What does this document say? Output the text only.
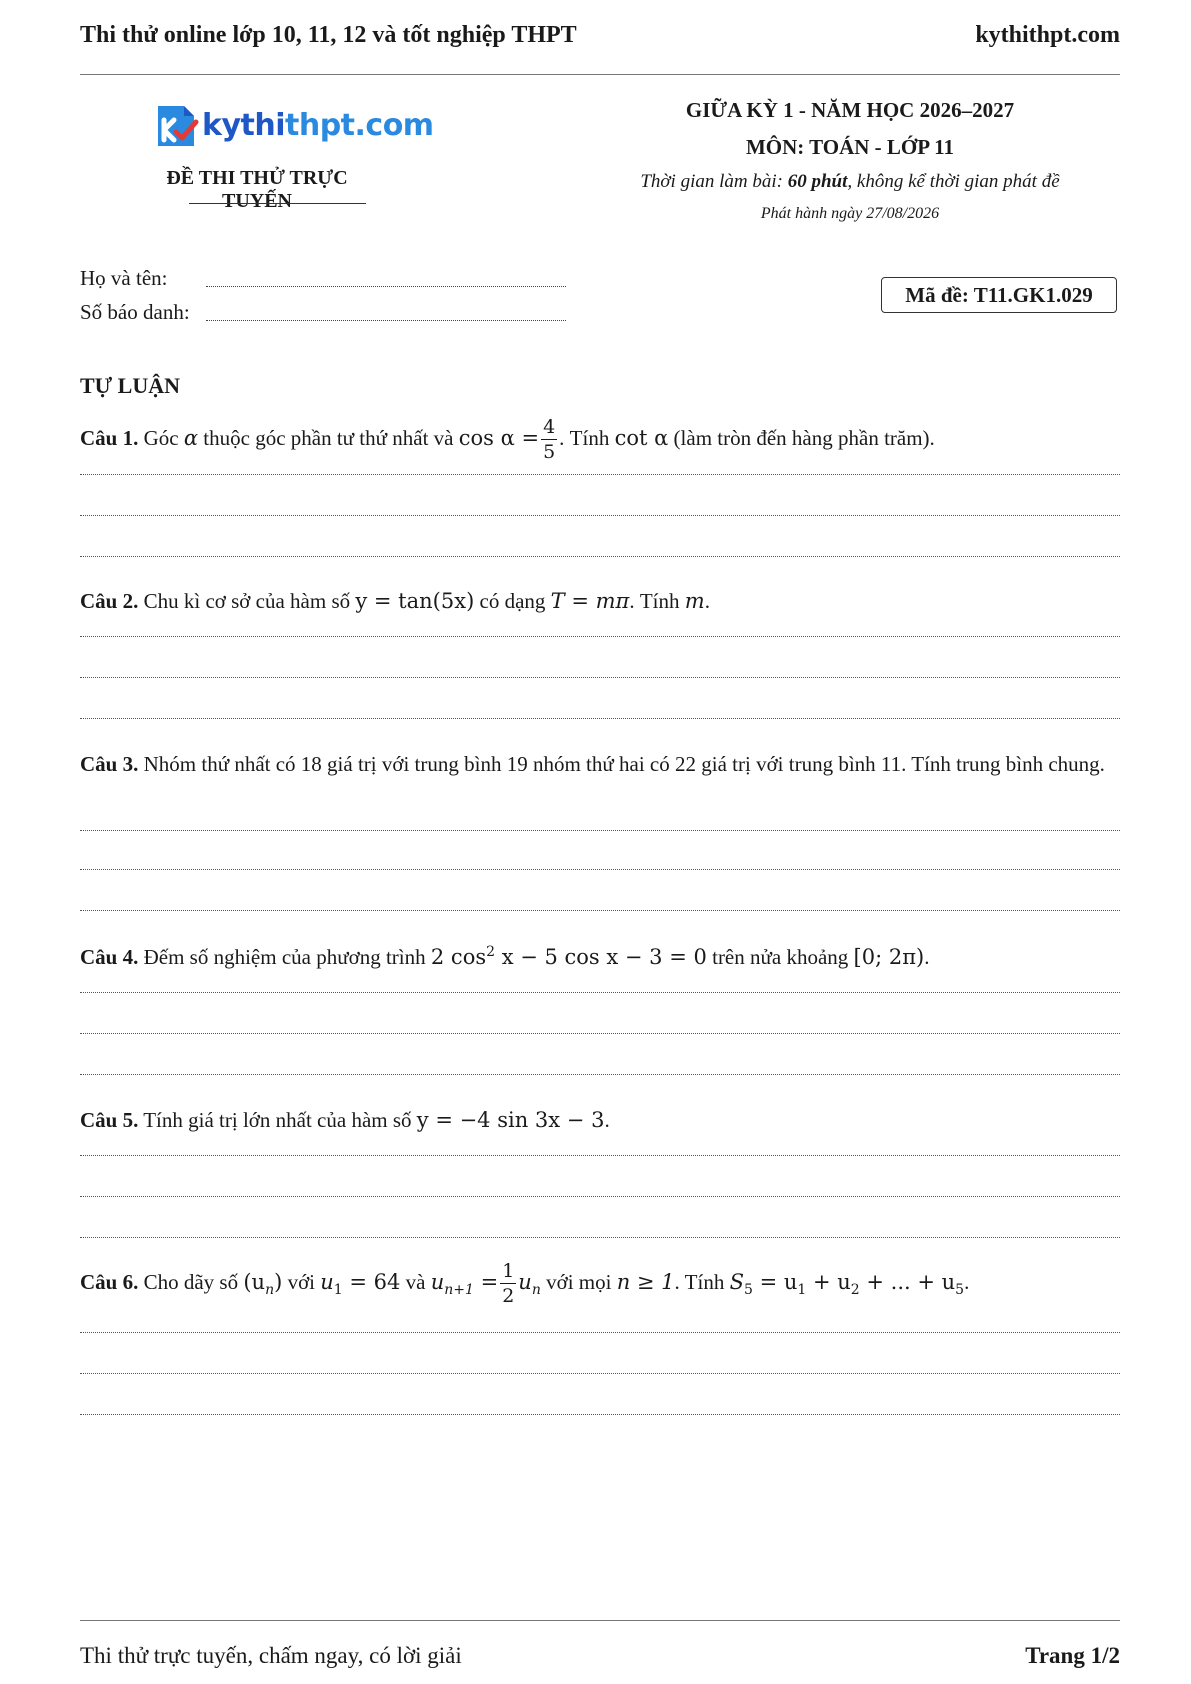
Thi thử online lớp 10, 11, 12 và tốt nghiệp THPT	kythithpt.com
kythithpt.com
ĐỀ THI THỬ TRỰC TUYẾN
GIỮA KỲ 1 - NĂM HỌC 2026–2027
MÔN: TOÁN - LỚP 11
Thời gian làm bài: 60 phút, không kể thời gian phát đề
Phát hành ngày 27/08/2026
Họ và tên:
Số báo danh:
Mã đề: T11.GK1.029
TỰ LUẬN
Câu 1. Góc α thuộc góc phần tư thứ nhất và $\cos \alpha = \frac{4}{5}$ . Tính cot α (làm tròn đến hàng phần trăm).
Câu 2. Chu kì cơ sở của hàm số y = tan(5x) có dạng T = mπ. Tính m.
Câu 3. Nhóm thứ nhất có 18 giá trị với trung bình 19 nhóm thứ hai có 22 giá trị với trung bình 11. Tính trung bình chung.
Câu 4. Đếm số nghiệm của phương trình 2 $\cos^2 x - 5$ cos x − 3 = 0 trên nửa khoảng [0; 2π).
Câu 5. Tính giá trị lớn nhất của hàm số y = −4 sin 3x − 3.
Câu 6. Cho dãy số $(u_n)$ với $u_1 = 64$ và $u_{n+1} = \frac{1}{2} u_n$ với mọi n ≥ 1. Tính $S_5 = u_1 + u_2$ + ... + $u_5$.
Thi thử trực tuyến, chấm ngay, có lời giải	Trang 1/2
